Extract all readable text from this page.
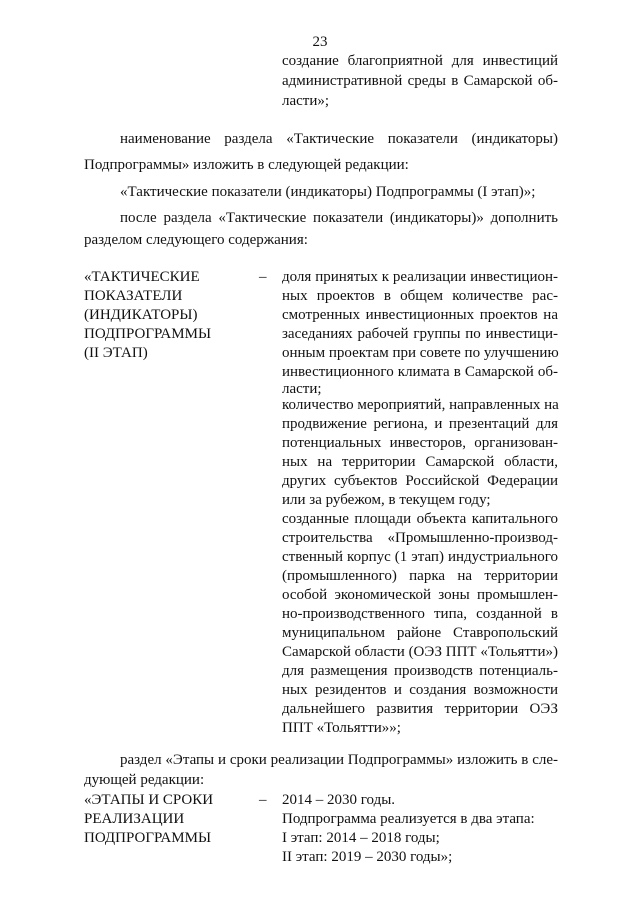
23
создание благоприятной для инвестиций
административной среды в Самарской об-
ласти»;
наименование раздела «Тактические показатели (индикаторы)
Подпрограммы» изложить в следующей редакции:
«Тактические показатели (индикаторы) Подпрограммы (I этап)»;
после раздела «Тактические показатели (индикаторы)» дополнить
разделом следующего содержания:
«ТАКТИЧЕСКИЕ
ПОКАЗАТЕЛИ
(ИНДИКАТОРЫ)
ПОДПРОГРАММЫ
(II ЭТАП)
– доля принятых к реализации инвестицион-
ных проектов в общем количестве рас-
смотренных инвестиционных проектов на
заседаниях рабочей группы по инвестици-
онным проектам при совете по улучшению
инвестиционного климата в Самарской об-
ласти;
количество мероприятий, направленных на
продвижение региона, и презентаций для
потенциальных инвесторов, организован-
ных на территории Самарской области,
других субъектов Российской Федерации
или за рубежом, в текущем году;
созданные площади объекта капитального
строительства «Промышленно-производ-
ственный корпус (1 этап) индустриального
(промышленного) парка на территории
особой экономической зоны промышлен-
но-производственного типа, созданной в
муниципальном районе Ставропольский
Самарской области (ОЭЗ ППТ «Тольятти»)
для размещения производств потенциаль-
ных резидентов и создания возможности
дальнейшего развития территории ОЭЗ
ППТ «Тольятти»»;
раздел «Этапы и сроки реализации Подпрограммы» изложить в сле-
дующей редакции:
«ЭТАПЫ И СРОКИ
РЕАЛИЗАЦИИ
ПОДПРОГРАММЫ
– 2014 – 2030 годы.
Подпрограмма реализуется в два этапа:
I этап: 2014 – 2018 годы;
II этап: 2019 – 2030 годы»;
